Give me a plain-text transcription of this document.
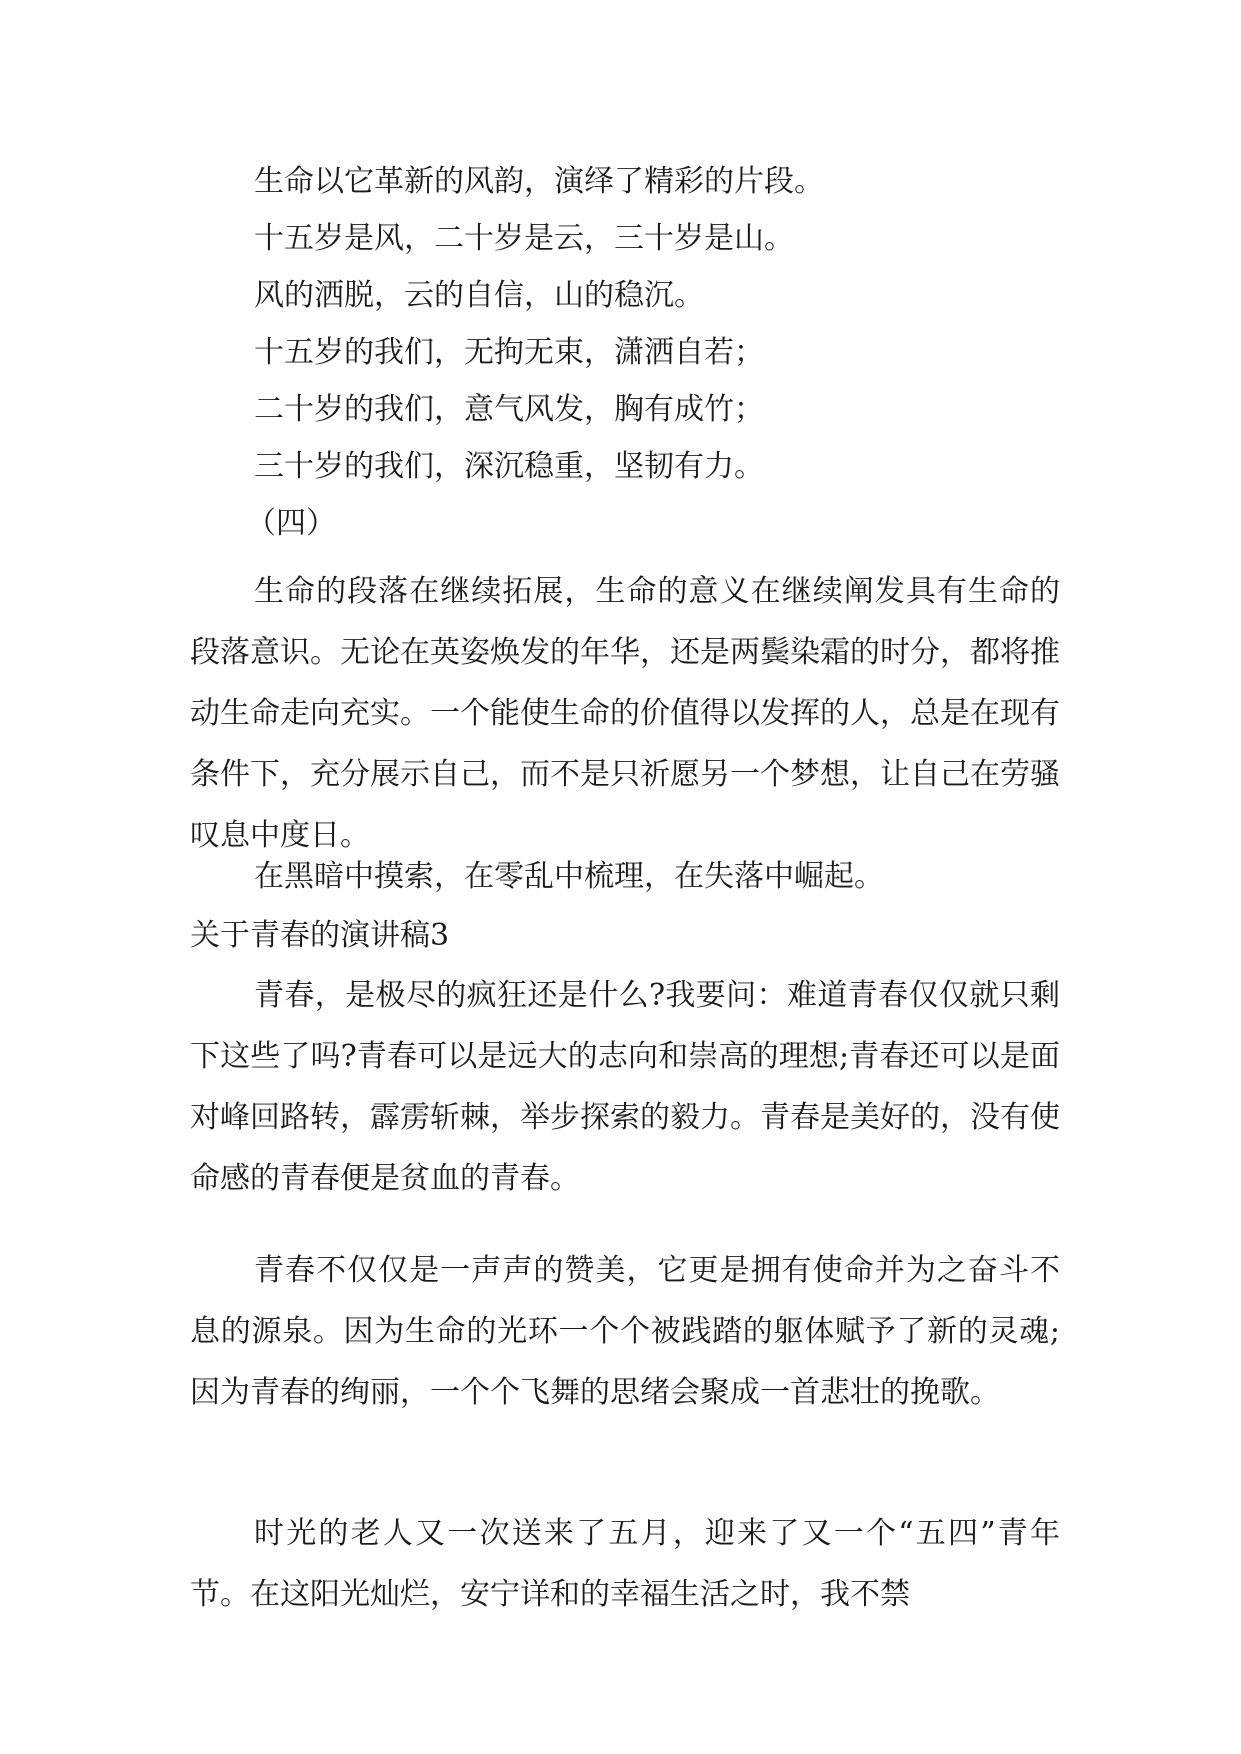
生命以它革新的风韵，演绎了精彩的片段。
十五岁是风，二十岁是云，三十岁是山。
风的洒脱，云的自信，山的稳沉。
十五岁的我们，无拘无束，潇洒自若；
二十岁的我们，意气风发，胸有成竹；
三十岁的我们，深沉稳重，坚韧有力。
（四）
生命的段落在继续拓展，生命的意义在继续阐发具有生命的段落意识。无论在英姿焕发的年华，还是两鬓染霜的时分，都将推动生命走向充实。一个能使生命的价值得以发挥的人，总是在现有条件下，充分展示自己，而不是只祈愿另一个梦想，让自己在劳骚叹息中度日。
在黑暗中摸索，在零乱中梳理，在失落中崛起。
关于青春的演讲稿3
青春，是极尽的疯狂还是什么?我要问：难道青春仅仅就只剩下这些了吗?青春可以是远大的志向和崇高的理想;青春还可以是面对峰回路转，霹雳斩棘，举步探索的毅力。青春是美好的，没有使命感的青春便是贫血的青春。
青春不仅仅是一声声的赞美，它更是拥有使命并为之奋斗不息的源泉。因为生命的光环一个个被践踏的躯体赋予了新的灵魂;因为青春的绚丽，一个个飞舞的思绪会聚成一首悲壮的挽歌。
时光的老人又一次送来了五月，迎来了又一个“五四”青年节。在这阳光灿烂，安宁详和的幸福生活之时，我不禁
